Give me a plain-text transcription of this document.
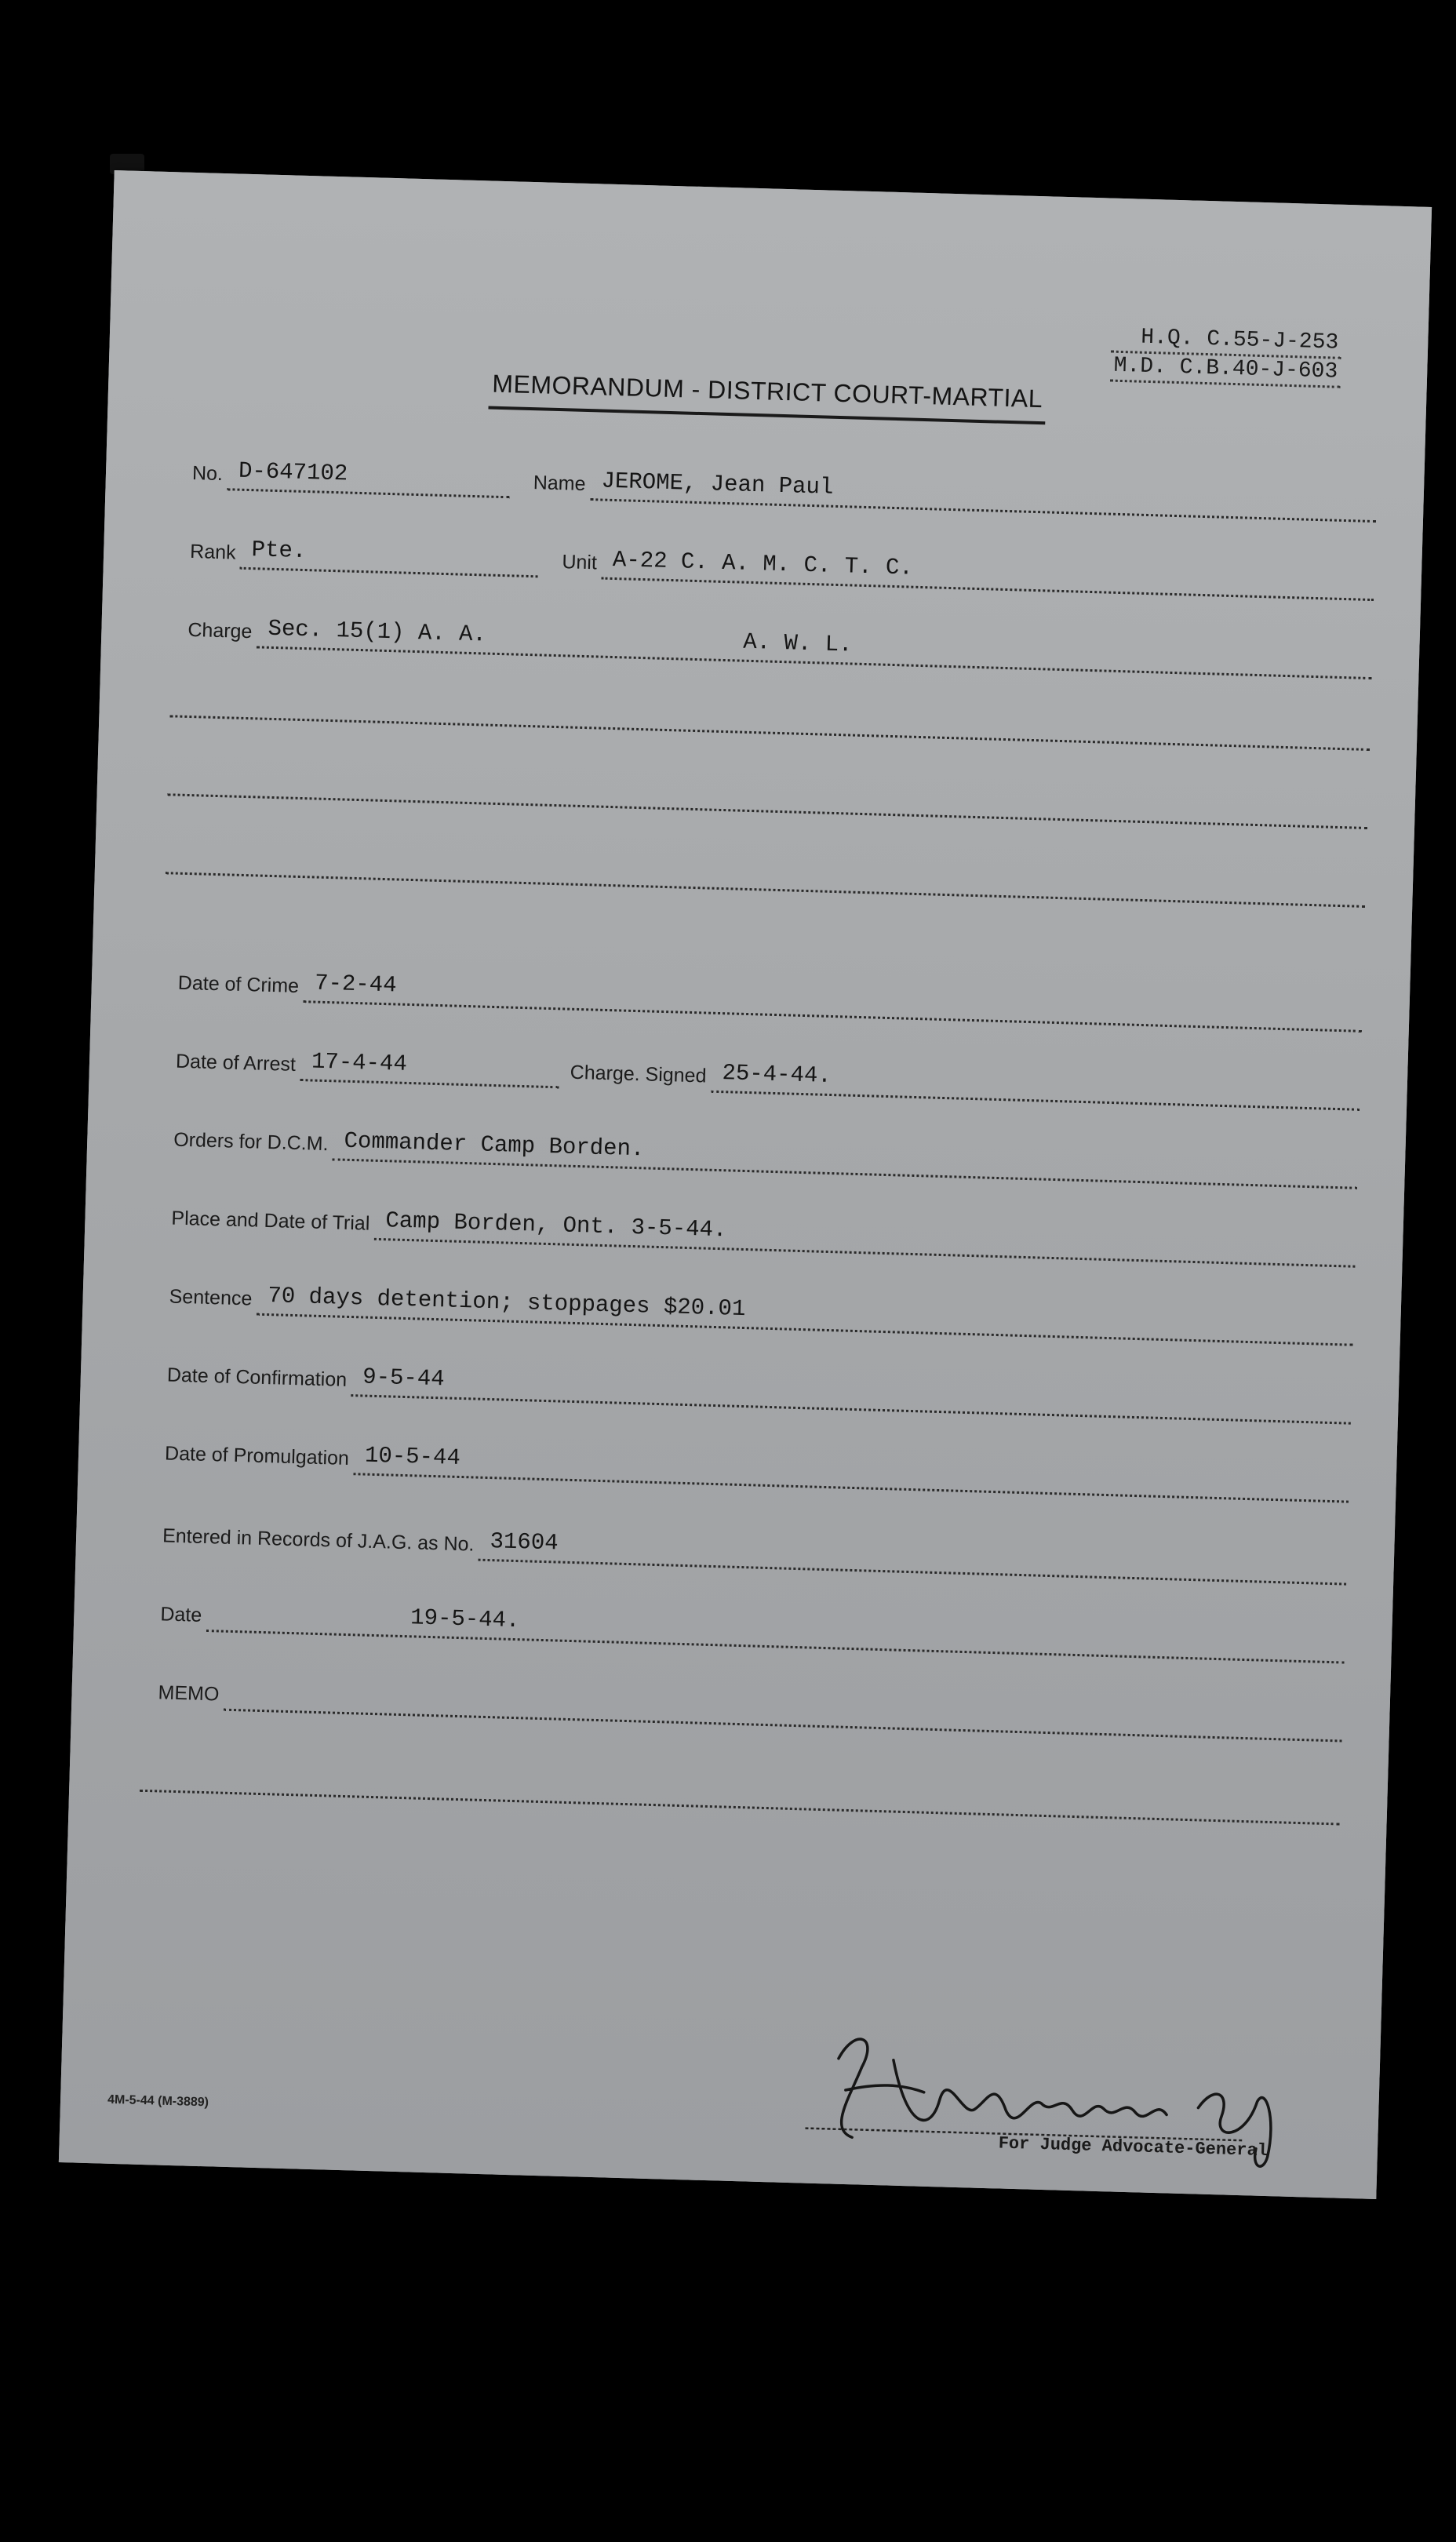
H.Q. C.55-J-253
M.D. C.B.40-J-603
MEMORANDUM - DISTRICT COURT-MARTIAL
No. D-647102	Name JEROME, Jean Paul
Rank Pte.	Unit A-22 C. A. M. C. T. C.
Charge Sec. 15(1) A. A.	A. W. L.
Date of Crime 7-2-44
Date of Arrest 17-4-44	Charge. Signed 25-4-44.
Orders for D.C.M. Commander Camp Borden.
Place and Date of Trial Camp Borden, Ont. 3-5-44.
Sentence 70 days detention; stoppages $20.01
Date of Confirmation 9-5-44
Date of Promulgation 10-5-44
Entered in Records of J.A.G. as No. 31604
Date	19-5-44.
MEMO
4M-5-44 (M-3889)
For Judge Advocate-General
